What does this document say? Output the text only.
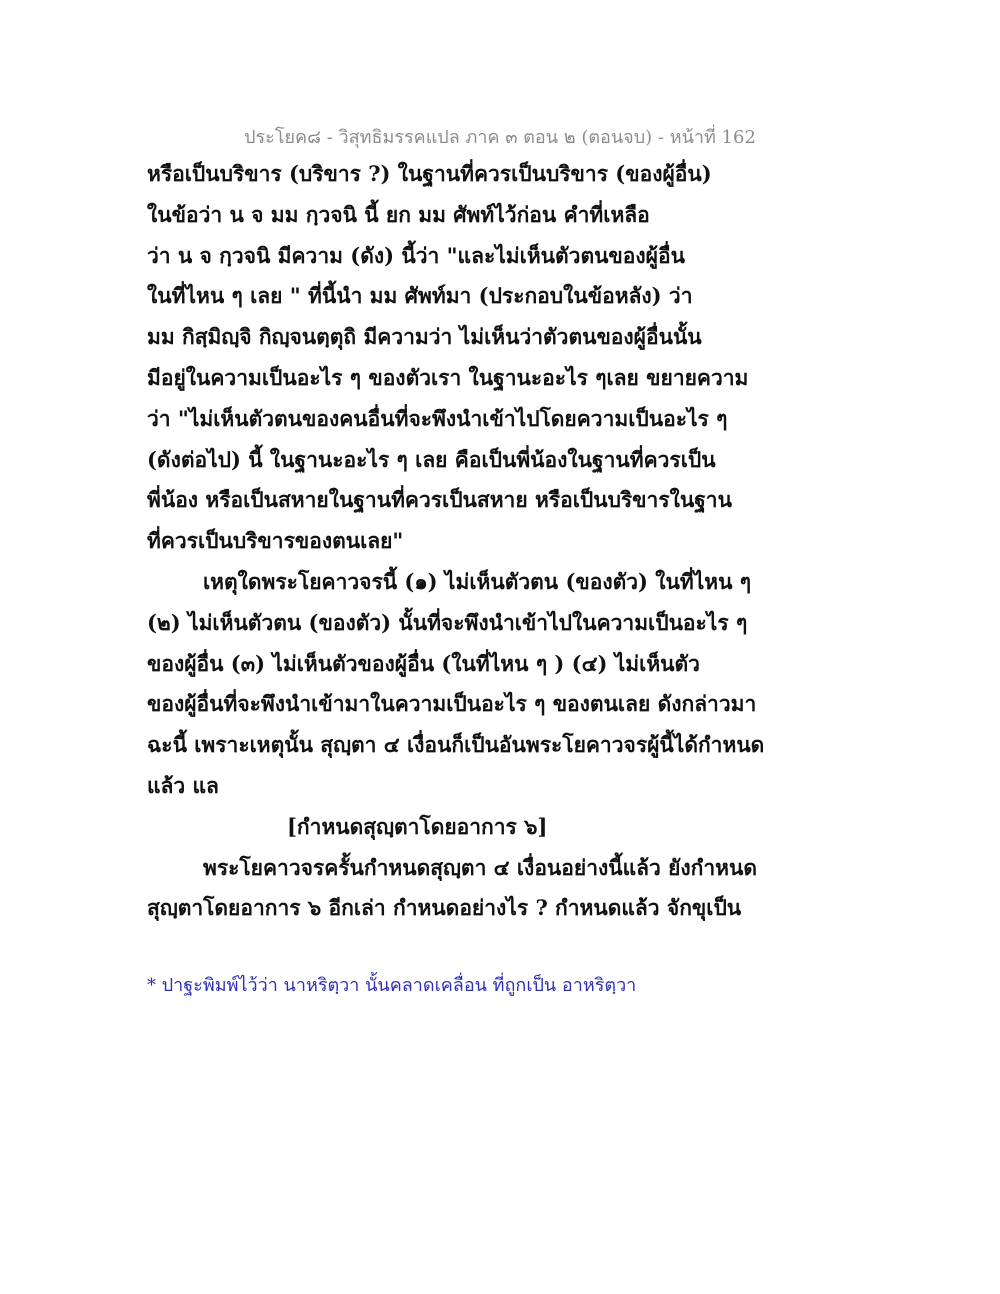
ประโยค๘ - วิสุทธิมรรคแปล ภาค ๓ ตอน ๒ (ตอนจบ) - หน้าที่ 162
หรือเป็นบริขาร (บริขาร ?) ในฐานที่ควรเป็นบริขาร (ของผู้อื่น)
ในข้อว่า น จ มม กฺวจนิ นี้ ยก มม ศัพท์ไว้ก่อน คำที่เหลือ
ว่า น จ กฺวจนิ มีความ (ดัง) นี้ว่า "และไม่เห็นตัวตนของผู้อื่น
ในที่ไหน ๆ เลย " ที่นี้นำ มม ศัพท์มา (ประกอบในข้อหลัง) ว่า
มม กิสฺมิญฺจิ กิญฺจนตฺตุถิ มีความว่า ไม่เห็นว่าตัวตนของผู้อื่นนั้น
มีอยู่ในความเป็นอะไร ๆ ของตัวเรา ในฐานะอะไร ๆเลย ขยายความ
ว่า "ไม่เห็นตัวตนของคนอื่นที่จะพึงนำเข้าไปโดยความเป็นอะไร ๆ
(ดังต่อไป) นี้ ในฐานะอะไร ๆ เลย คือเป็นพี่น้องในฐานที่ควรเป็น
พี่น้อง หรือเป็นสหายในฐานที่ควรเป็นสหาย หรือเป็นบริขารในฐาน
ที่ควรเป็นบริขารของตนเลย"
เหตุใดพระโยคาวจรนี้ (๑) ไม่เห็นตัวตน (ของตัว) ในที่ไหน ๆ
(๒) ไม่เห็นตัวตน (ของตัว) นั้นที่จะพึงนำเข้าไปในความเป็นอะไร ๆ
ของผู้อื่น (๓) ไม่เห็นตัวของผู้อื่น (ในที่ไหน ๆ ) (๔) ไม่เห็นตัว
ของผู้อื่นที่จะพึงนำเข้ามาในความเป็นอะไร ๆ ของตนเลย ดังกล่าวมา
ฉะนี้ เพราะเหตุนั้น สุญฺตา ๔ เงื่อนก็เป็นอันพระโยคาวจรผู้นี้ได้กำหนด
แล้ว แล
[กำหนดสุญฺตาโดยอาการ ๖]
พระโยคาวจรครั้นกำหนดสุญฺตา ๔ เงื่อนอย่างนี้แล้ว ยังกำหนด
สุญฺตาโดยอาการ ๖ อีกเล่า กำหนดอย่างไร ? กำหนดแล้ว จักขุเป็น
* ปาฐะพิมพ์ไว้ว่า นาหริตฺวา นั้นคลาดเคลื่อน ที่ถูกเป็น อาหริตฺวา
